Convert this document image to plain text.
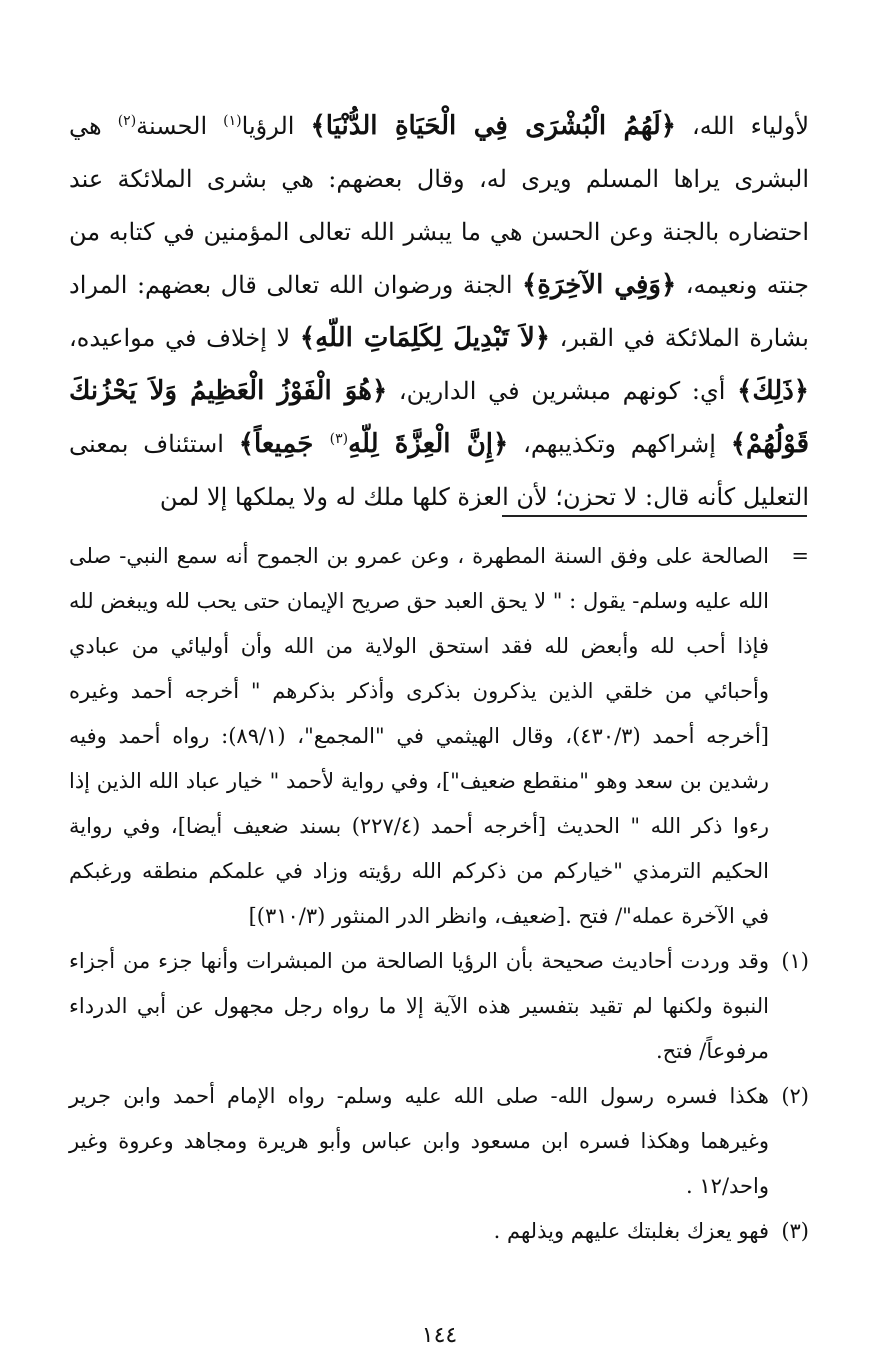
لأولياء الله، ﴿لَهُمُ الْبُشْرَى فِي الْحَيَاةِ الدُّنْيَا﴾ الرؤيا$^{(١)}$ الحسنة$^{(٢)}$ هي البشرى يراها المسلم ويرى له، وقال بعضهم: هي بشرى الملائكة عند احتضاره بالجنة وعن الحسن هي ما يبشر الله تعالى المؤمنين في كتابه من جنته ونعيمه، ﴿وَفِي الآخِرَةِ﴾ الجنة ورضوان الله تعالى قال بعضهم: المراد بشارة الملائكة في القبر، ﴿لاَ تَبْدِيلَ لِكَلِمَاتِ اللّهِ﴾ لا إخلاف في مواعيده، ﴿ذَلِكَ﴾ أي: كونهم مبشرين في الدارين، ﴿هُوَ الْفَوْزُ الْعَظِيمُ وَلاَ يَحْزُنكَ قَوْلُهُمْ﴾ إشراكهم وتكذيبهم، ﴿إِنَّ الْعِزَّةَ لِلّهِ$^{(٣)}$ جَمِيعاً﴾ استئناف بمعنى التعليل كأنه قال: لا تحزن؛ لأن العزة كلها ملك له ولا يملكها إلا لمن
=
الصالحة على وفق السنة المطهرة ، وعن عمرو بن الجموح أنه سمع النبي- صلى الله عليه وسلم- يقول : " لا يحق العبد حق صريح الإيمان حتى يحب لله ويبغض لله فإذا أحب لله وأبعض لله فقد استحق الولاية من الله وأن أوليائي من عبادي وأحبائي من خلقي الذين يذكرون بذكرى وأذكر بذكرهم " أخرجه أحمد وغيره [أخرجه أحمد (٤٣٠/٣)، وقال الهيثمي في "المجمع"، (٨٩/١): رواه أحمد وفيه رشدين بن سعد وهو "منقطع ضعيف"]، وفي رواية لأحمد " خيار عباد الله الذين إذا رءوا ذكر الله " الحديث [أخرجه أحمد (٢٢٧/٤) بسند ضعيف أيضا]، وفي رواية الحكيم الترمذي "خياركم من ذكركم الله رؤيته وزاد في علمكم منطقه ورغبكم في الآخرة عمله"/ فتح .[ضعيف، وانظر الدر المنثور (٣١٠/٣)]
(١)
وقد وردت أحاديث صحيحة بأن الرؤيا الصالحة من المبشرات وأنها جزء من أجزاء النبوة ولكنها لم تقيد بتفسير هذه الآية إلا ما رواه رجل مجهول عن أبي الدرداء مرفوعاً/ فتح.
(٢)
هكذا فسره رسول الله- صلى الله عليه وسلم- رواه الإمام أحمد وابن جرير وغيرهما وهكذا فسره ابن مسعود وابن عباس وأبو هريرة ومجاهد وعروة وغير واحد/١٢ .
(٣)
فهو يعزك بغلبتك عليهم ويذلهم .
١٤٤
